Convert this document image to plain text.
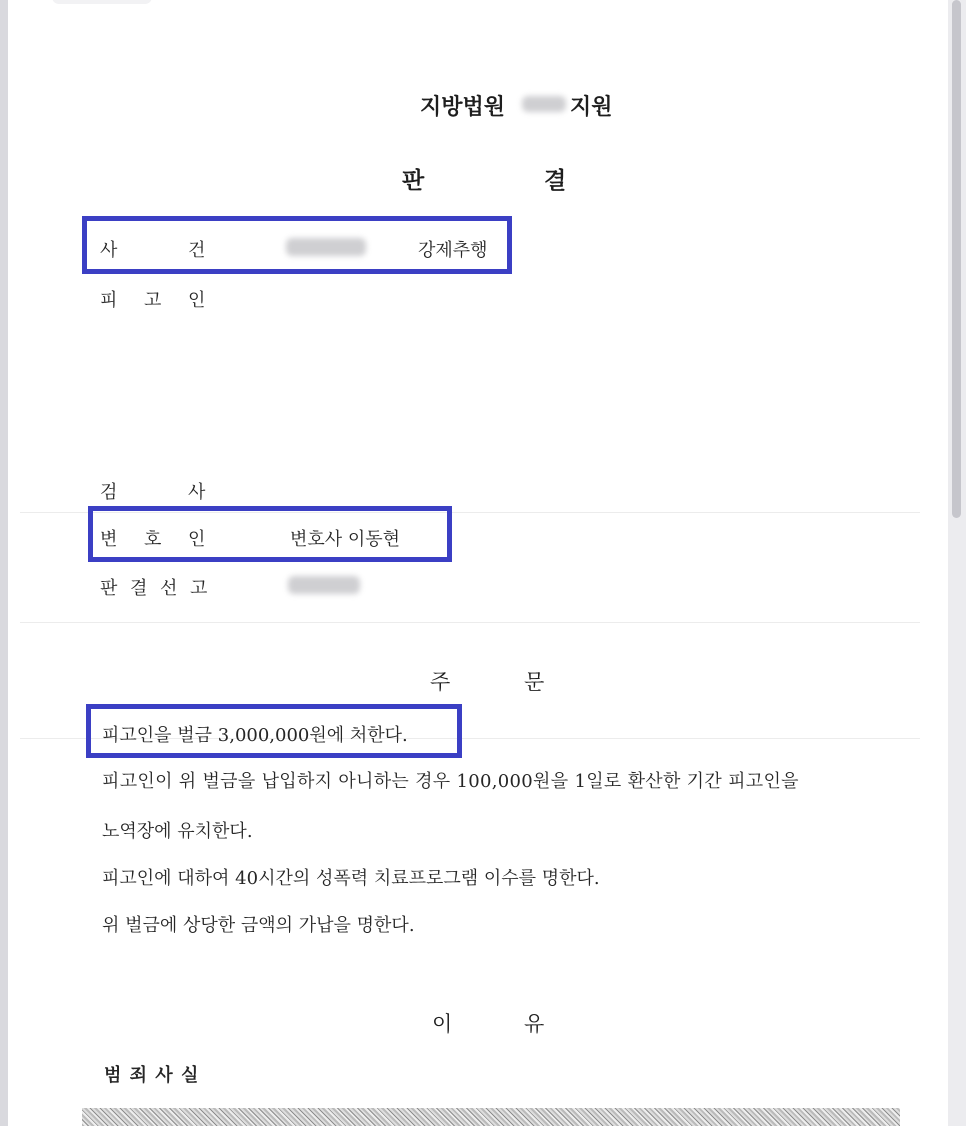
지방법원	지원
판	결
사	건	강제추행
피 고 인
검	사
변 호 인	변호사 이동현
판 결 선 고
주	문
피고인을 벌금 3,000,000원에 처한다.
피고인이 위 벌금을 납입하지 아니하는 경우 100,000원을 1일로 환산한 기간 피고인을
노역장에 유치한다.
피고인에 대하여 40시간의 성폭력 치료프로그램 이수를 명한다.
위 벌금에 상당한 금액의 가납을 명한다.
이	유
범 죄 사 실
